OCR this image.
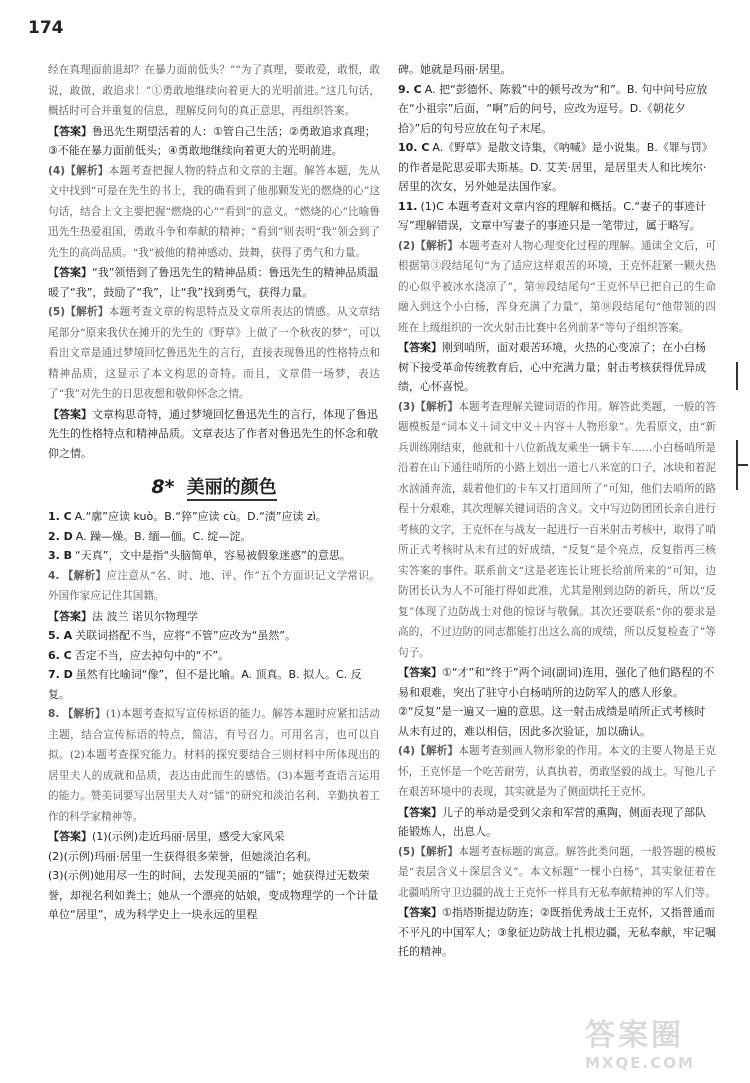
174

经在真理面前退却？在暴力面前低头？”“为了真理，要敢爱，敢恨，敢说，敢做，敢追求！”①勇敢地继续向着更大的光明前进。”这几句话，概括时可合并重复的信息，理解反问句的真正意思，再组织答案。

【答案】鲁迅先生期望活着的人：①管自己生活；②勇敢追求真理；③不能在暴力面前低头；④勇敢地继续向着更大的光明前进。

(4)【解析】本题考查把握人物的特点和文章的主题。解答本题，先从文中找到“可是在先生的书上，我的确看到了他那颗发光的燃烧的心”这句话，结合上文主要把握“燃烧的心”“看到”的意义。“燃烧的心”比喻鲁迅先生热爱祖国，勇敢斗争和奉献的精神；“看到”则表明“我”领会到了先生的高尚品质。“我”被他的精神感动、鼓舞，获得了勇气和力量。

【答案】“我”领悟到了鲁迅先生的精神品质：鲁迅先生的精神品质温暖了“我”，鼓励了“我”，让“我”找到勇气，获得力量。

(5)【解析】本题考查文章的构思特点及文章所表达的情感。从文章结尾部分“原来我伏在摊开的先生的《野草》上做了一个秋夜的梦”，可以看出文章是通过梦境回忆鲁迅先生的言行，直接表现鲁迅的性格特点和精神品质，这显示了本文构思的奇特。而且，文章借一场梦，表达了“我”对先生的日思夜想和敬仰怀念之情。

【答案】文章构思奇特，通过梦境回忆鲁迅先生的言行，体现了鲁迅先生的性格特点和精神品质。文章表达了作者对鲁迅先生的怀念和敬仰之情。

8* 美丽的颜色

1. C A.“廓”应读 kuò。B.“猝”应读 cù。D.“渍”应读 zì。

2. D A. 躁—燥。B. 缅—偭。C. 绽—淀。

3. B “天真”，文中是指“头脑简单，容易被假象迷惑”的意思。

4. 【解析】应注意从“名、时、地、评、作”五个方面识记文学常识。外国作家应记住其国籍。

【答案】法 波兰 诺贝尔物理学

5. A 关联词搭配不当，应将“不管”应改为“虽然”。

6. C 否定不当，应去掉句中的“不”。

7. D 虽然有比喻词“像”，但不是比喻。A. 顶真。B. 拟人。C. 反复。

8. 【解析】(1)本题考查拟写宣传标语的能力。解答本题时应紧扣活动主题，结合宣传标语的特点，简洁，有号召力。可用名言，也可以自拟。(2)本题考查探究能力。材料的探究要结合三则材料中所体现出的居里夫人的成就和品质，表达由此而生的感悟。(3)本题考查语言运用的能力。赞美词要写出居里夫人对“镭”的研究和淡泊名利、辛勤执着工作的科学家精神等。

【答案】(1)(示例)走近玛丽·居里，感受大家风采

(2)(示例)玛丽·居里一生获得很多荣誉，但她淡泊名利。

(3)(示例)她用尽一生的时间，去发现美丽的“镭”；她获得过无数荣誉，却视名利如粪土；她从一个漂亮的姑娘，变成物理学的一个计量单位“居里”，成为科学史上一块永远的里程

碑。她就是玛丽·居里。

9. C A. 把“彭德怀、陈毅”中的顿号改为“和”。B. 句中问号应放在“小祖宗”后面，“啊”后的问号，应改为逗号。D.《朝花夕拾》”后的句号应放在句子末尾。

10. C A.《野草》是散文诗集，《呐喊》是小说集。B.《罪与罚》的作者是陀思妥耶夫斯基。D. 艾芙·居里，是居里夫人和比埃尔·居里的次女，另外她是法国作家。

11. (1)C 本题考查对文章内容的理解和概括。C.“妻子的事迹计写”理解错误，文章中写妻子的事迹只是一笔带过，属于略写。

(2)【解析】本题考查对人物心理变化过程的理解。通读全文后，可根据第③段结尾句“为了适应这样艰苦的环境，王克怀赶紧一颗火热的心似乎被冰水浇凉了”，第⑩段结尾句“王克怀早已把自己的生命融入到这个小白杨，浑身充满了力量”，第⑱段结尾句“他带领的四班在上级组织的一次火射击比赛中名列前茅”等句子组织答案。

【答案】刚到哨所，面对艰苦环境，火热的心变凉了；在小白杨树下接受革命传统教育后，心中充满力量；射击考核获得优异成绩，心怀喜悦。

(3)【解析】本题考查理解关键词语的作用。解答此类题，一般的答题模板是“词本义＋词文中义＋内容＋人物形象”。先看原文，由“新兵训练刚结束，他就和十八位新战友乘坐一辆卡车……小白杨哨所是沿着在山下通往哨所的小路上划出一道七八米宽的口子，冰块和着泥水汹涌奔流，载着他们的卡车又打道回所了”可知，他们去哨所的路程十分艰难，其次理解关键词语的含义。文中写边防团团长亲自进行考核的文字，王克怀在与战友一起进行一百米射击考核中，取得了哨所正式考核时从未有过的好成绩，“反复”是个亮点，反复指再三核实答案的事件。联系前文“这是老连长让班长给前所来的”可知，边防团长认为人不可能打得如此准，尤其是刚到边防的新兵，所以“反复”体现了边防战士对他的惊讶与敬佩。其次还要联系“你的要求是高的，不过边防的同志都能打出这么高的成绩，所以反复检查了”等句子。

【答案】①“才”和“终于”两个词(副词)连用，强化了他们路程的不易和艰难，突出了驻守小白杨哨所的边防军人的感人形象。

②“反复”是一遍又一遍的意思。这一射击成绩是哨所正式考核时从未有过的，难以相信，因此多次验证，加以确认。

(4)【解析】本题考查刻画人物形象的作用。本文的主要人物是王克怀，王克怀是一个吃苦耐劳，认真执着，勇敢坚毅的战士。写他儿子在艰苦环境中的表现，其实就是为了侧面烘托王克怀。

【答案】儿子的举动是受到父亲和军营的熏陶，侧面表现了部队能锻炼人，出息人。

(5)【解析】本题考查标题的寓意。解答此类问题，一般答题的模板是“表层含义＋深层含义”。本文标题“一棵小白杨”，其实象征着在北疆哨所守卫边疆的战士王克怀一样具有无私奉献精神的军人们等。

【答案】①指塔斯提边防连；②既指优秀战士王克怀，又指普通而不平凡的中国军人；③象征边防战士扎根边疆，无私奉献，牢记嘱托的精神。

答案圈
MXQE.COM
